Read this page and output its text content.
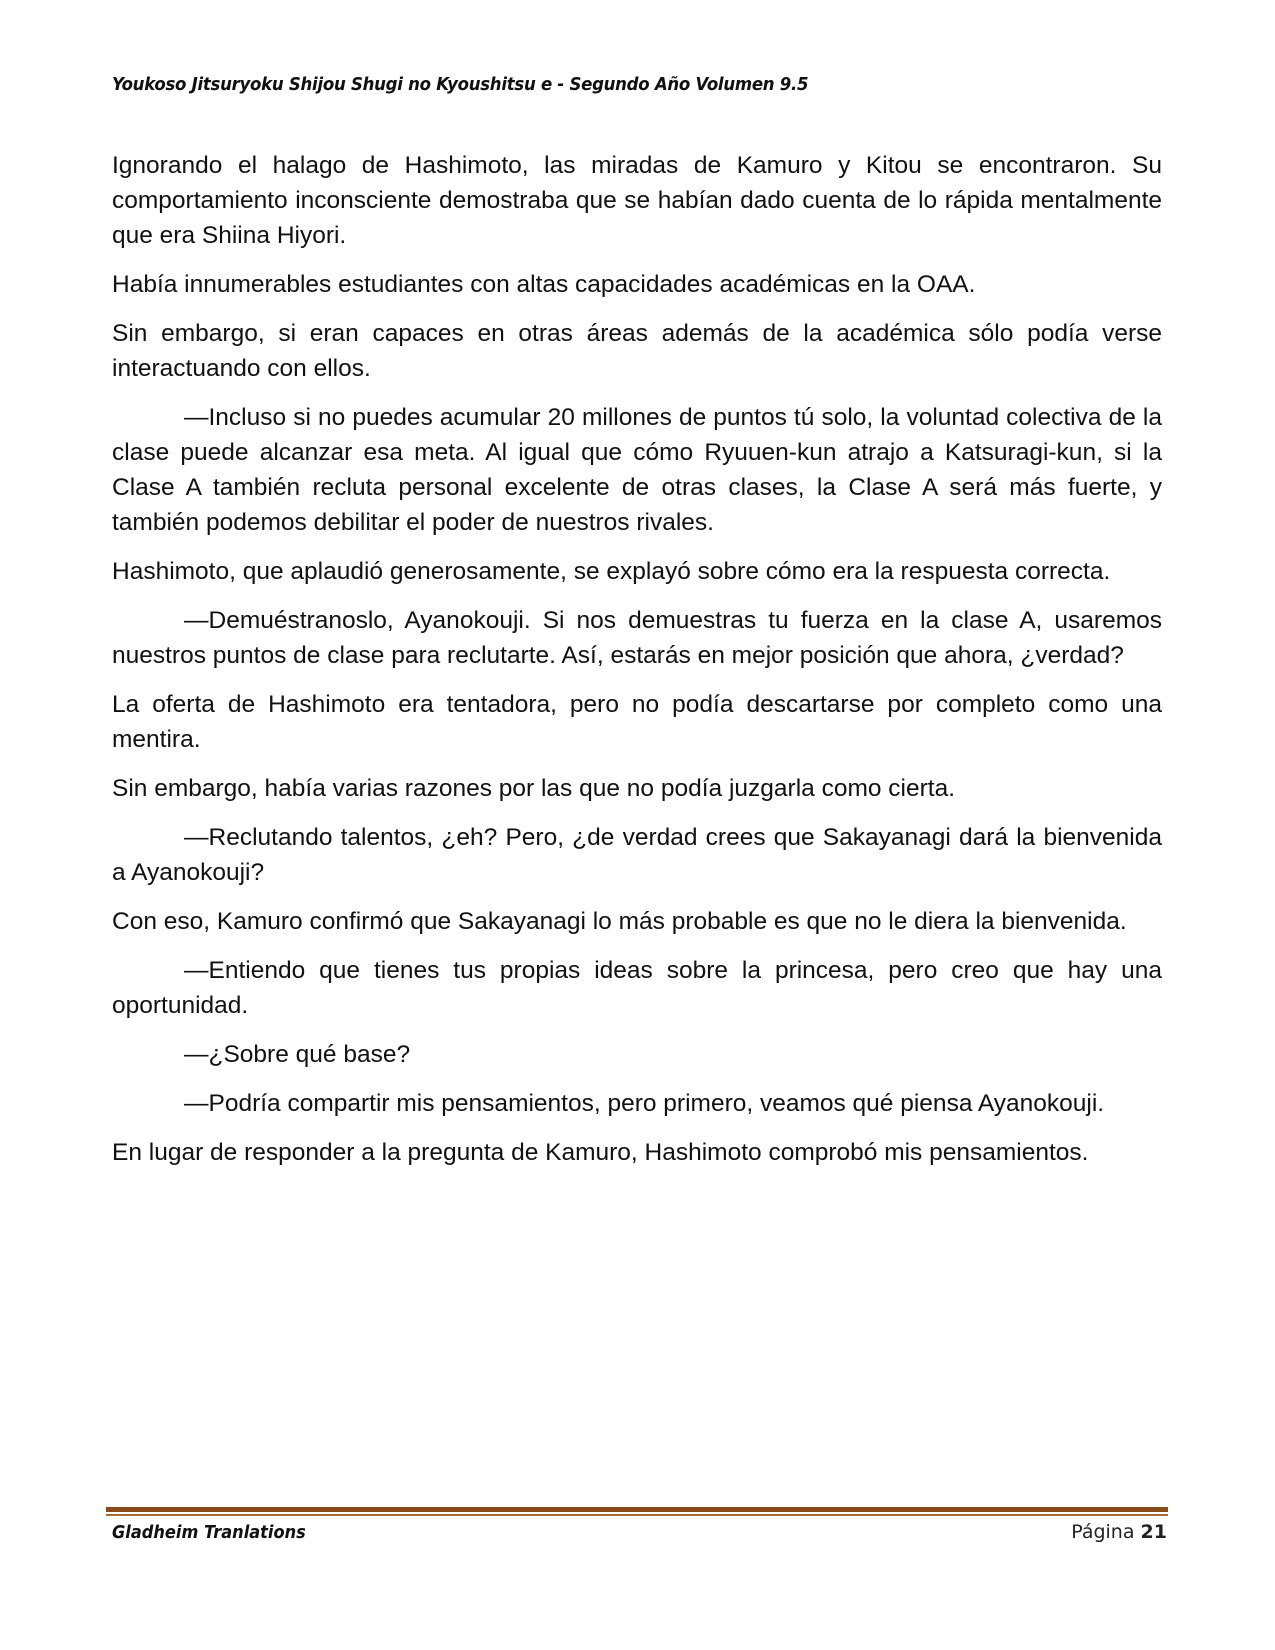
Youkoso Jitsuryoku Shijou Shugi no Kyoushitsu e - Segundo Año Volumen 9.5

Ignorando el halago de Hashimoto, las miradas de Kamuro y Kitou se encontraron. Su comportamiento inconsciente demostraba que se habían dado cuenta de lo rápida mentalmente que era Shiina Hiyori.

Había innumerables estudiantes con altas capacidades académicas en la OAA.

Sin embargo, si eran capaces en otras áreas además de la académica sólo podía verse interactuando con ellos.

—Incluso si no puedes acumular 20 millones de puntos tú solo, la voluntad colectiva de la clase puede alcanzar esa meta. Al igual que cómo Ryuuen-kun atrajo a Katsuragi-kun, si la Clase A también recluta personal excelente de otras clases, la Clase A será más fuerte, y también podemos debilitar el poder de nuestros rivales.

Hashimoto, que aplaudió generosamente, se explayó sobre cómo era la respuesta correcta.

—Demuéstranoslo, Ayanokouji. Si nos demuestras tu fuerza en la clase A, usaremos nuestros puntos de clase para reclutarte. Así, estarás en mejor posición que ahora, ¿verdad?

La oferta de Hashimoto era tentadora, pero no podía descartarse por completo como una mentira.

Sin embargo, había varias razones por las que no podía juzgarla como cierta.

—Reclutando talentos, ¿eh? Pero, ¿de verdad crees que Sakayanagi dará la bienvenida a Ayanokouji?

Con eso, Kamuro confirmó que Sakayanagi lo más probable es que no le diera la bienvenida.

—Entiendo que tienes tus propias ideas sobre la princesa, pero creo que hay una oportunidad.

—¿Sobre qué base?

—Podría compartir mis pensamientos, pero primero, veamos qué piensa Ayanokouji.

En lugar de responder a la pregunta de Kamuro, Hashimoto comprobó mis pensamientos.

Gladheim Tranlations	Página 21
